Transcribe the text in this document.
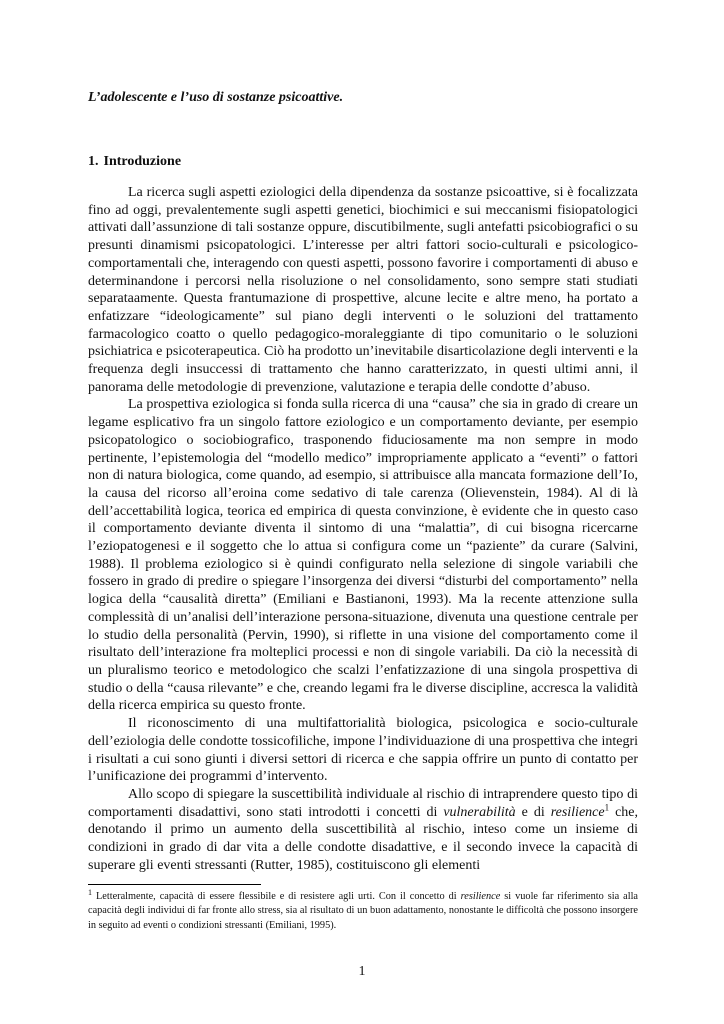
L’adolescente e l’uso di sostanze psicoattive.
1. Introduzione

La ricerca sugli aspetti eziologici della dipendenza da sostanze psicoattive, si è focalizzata fino ad oggi, prevalentemente sugli aspetti genetici, biochimici e sui meccanismi fisiopatologici attivati dall’assunzione di tali sostanze oppure, discutibilmente, sugli antefatti psicobiografici o su presunti dinamismi psicopatologici. L’interesse per altri fattori socio-culturali e psicologico-comportamentali che, interagendo con questi aspetti, possono favorire i comportamenti di abuso e determinandone i percorsi nella risoluzione o nel consolidamento, sono sempre stati studiati separataamente. Questa frantumazione di prospettive, alcune lecite e altre meno, ha portato a enfatizzare “ideologicamente” sul piano degli interventi o le soluzioni del trattamento farmacologico coatto o quello pedagogico-moraleggiante di tipo comunitario o le soluzioni psichiatrica e psicoterapeutica. Ciò ha prodotto un’inevitabile disarticolazione degli interventi e la frequenza degli insuccessi di trattamento che hanno caratterizzato, in questi ultimi anni, il panorama delle metodologie di prevenzione, valutazione e terapia delle condotte d’abuso.

La prospettiva eziologica si fonda sulla ricerca di una “causa” che sia in grado di creare un legame esplicativo fra un singolo fattore eziologico e un comportamento deviante, per esempio psicopatologico o sociobiografico, trasponendo fiduciosamente ma non sempre in modo pertinente, l’epistemologia del “modello medico” impropriamente applicato a “eventi” o fattori non di natura biologica, come quando, ad esempio, si attribuisce alla mancata formazione dell’Io, la causa del ricorso all’eroina come sedativo di tale carenza (Olievenstein, 1984). Al di là dell’accettabilità logica, teorica ed empirica di questa convinzione, è evidente che in questo caso il comportamento deviante diventa il sintomo di una “malattia”, di cui bisogna ricercarne l’eziopatogenesi e il soggetto che lo attua si configura come un “paziente” da curare (Salvini, 1988). Il problema eziologico si è quindi configurato nella selezione di singole variabili che fossero in grado di predire o spiegare l’insorgenza dei diversi “disturbi del comportamento” nella logica della “causalità diretta” (Emiliani e Bastianoni, 1993). Ma la recente attenzione sulla complessità di un’analisi dell’interazione persona-situazione, divenuta una questione centrale per lo studio della personalità (Pervin, 1990), si riflette in una visione del comportamento come il risultato dell’interazione fra molteplici processi e non di singole variabili. Da ciò la necessità di un pluralismo teorico e metodologico che scalzi l’enfatizzazione di una singola prospettiva di studio o della “causa rilevante” e che, creando legami fra le diverse discipline, accresca la validità della ricerca empirica su questo fronte.

Il riconoscimento di una multifattorialità biologica, psicologica e socio-culturale dell’eziologia delle condotte tossicofiliche, impone l’individuazione di una prospettiva che integri i risultati a cui sono giunti i diversi settori di ricerca e che sappia offrire un punto di contatto per l’unificazione dei programmi d’intervento.

Allo scopo di spiegare la suscettibilità individuale al rischio di intraprendere questo tipo di comportamenti disadattivi, sono stati introdotti i concetti di vulnerabilità e di resilience$^1$ che, denotando il primo un aumento della suscettibilità al rischio, inteso come un insieme di condizioni in grado di dar vita a delle condotte disadattive, e il secondo invece la capacità di superare gli eventi stressanti (Rutter, 1985), costituiscono gli elementi

$^1$ Letteralmente, capacità di essere flessibile e di resistere agli urti. Con il concetto di resilience si vuole far riferimento sia alla capacità degli individui di far fronte allo stress, sia al risultato di un buon adattamento, nonostante le difficoltà che possono insorgere in seguito ad eventi o condizioni stressanti (Emiliani, 1995).

1
